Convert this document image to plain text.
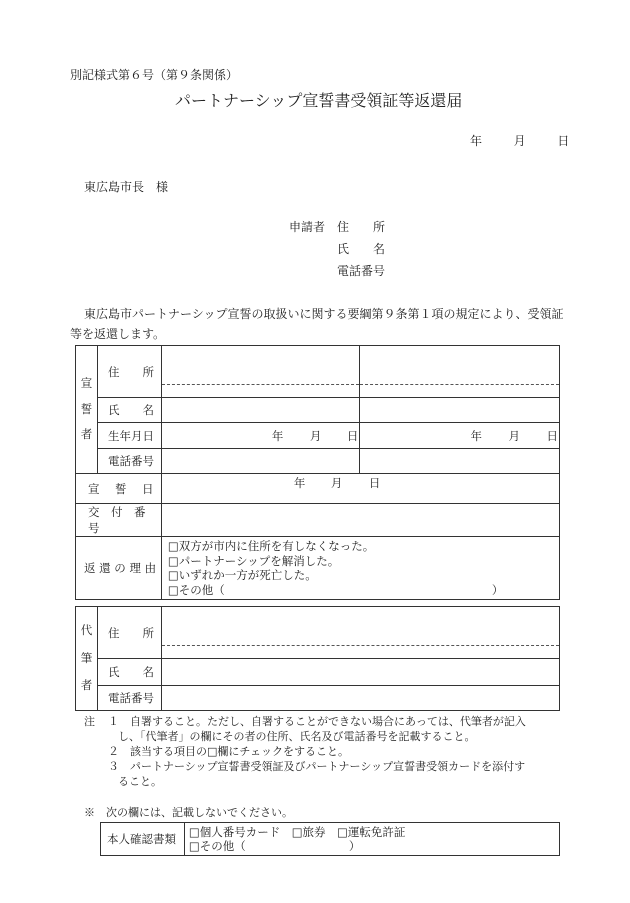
別記様式第６号（第９条関係）
パートナーシップ宣誓書受領証等返還届
年	月	日
東広島市長　様
申請者 住　　所
氏　　名
電話番号
東広島市パートナーシップ宣誓の取扱いに関する要綱第９条第１項の規定により、受領証
等を返還します。
宣
誓
者	住　　所	

	氏　　名		
	生年月日	年 月 日	年 月 日

	電話番号		
宣　誓　日		年 月 日	

交　付　番　号			
返 還 の 理 由		□双方が市内に住所を有しなくなった。
□パートナーシップを解消した。
□いずれか一方が死亡した。
□その他（ ）	
代
筆
者	住　　所	

	氏　　名	
	電話番号	
注 １ 自署すること。ただし、自署することができない場合にあっては、代筆者が記入
し、「代筆者」の欄にその者の住所、氏名及び電話番号を記載すること。
２ 該当する項目の□欄にチェックをすること。
３ パートナーシップ宣誓書受領証及びパートナーシップ宣誓書受領カードを添付す
ること。
※　次の欄には、記載しないでください。
本人確認書類	□個人番号カード　□旅券　□運転免許証
□その他（	）
